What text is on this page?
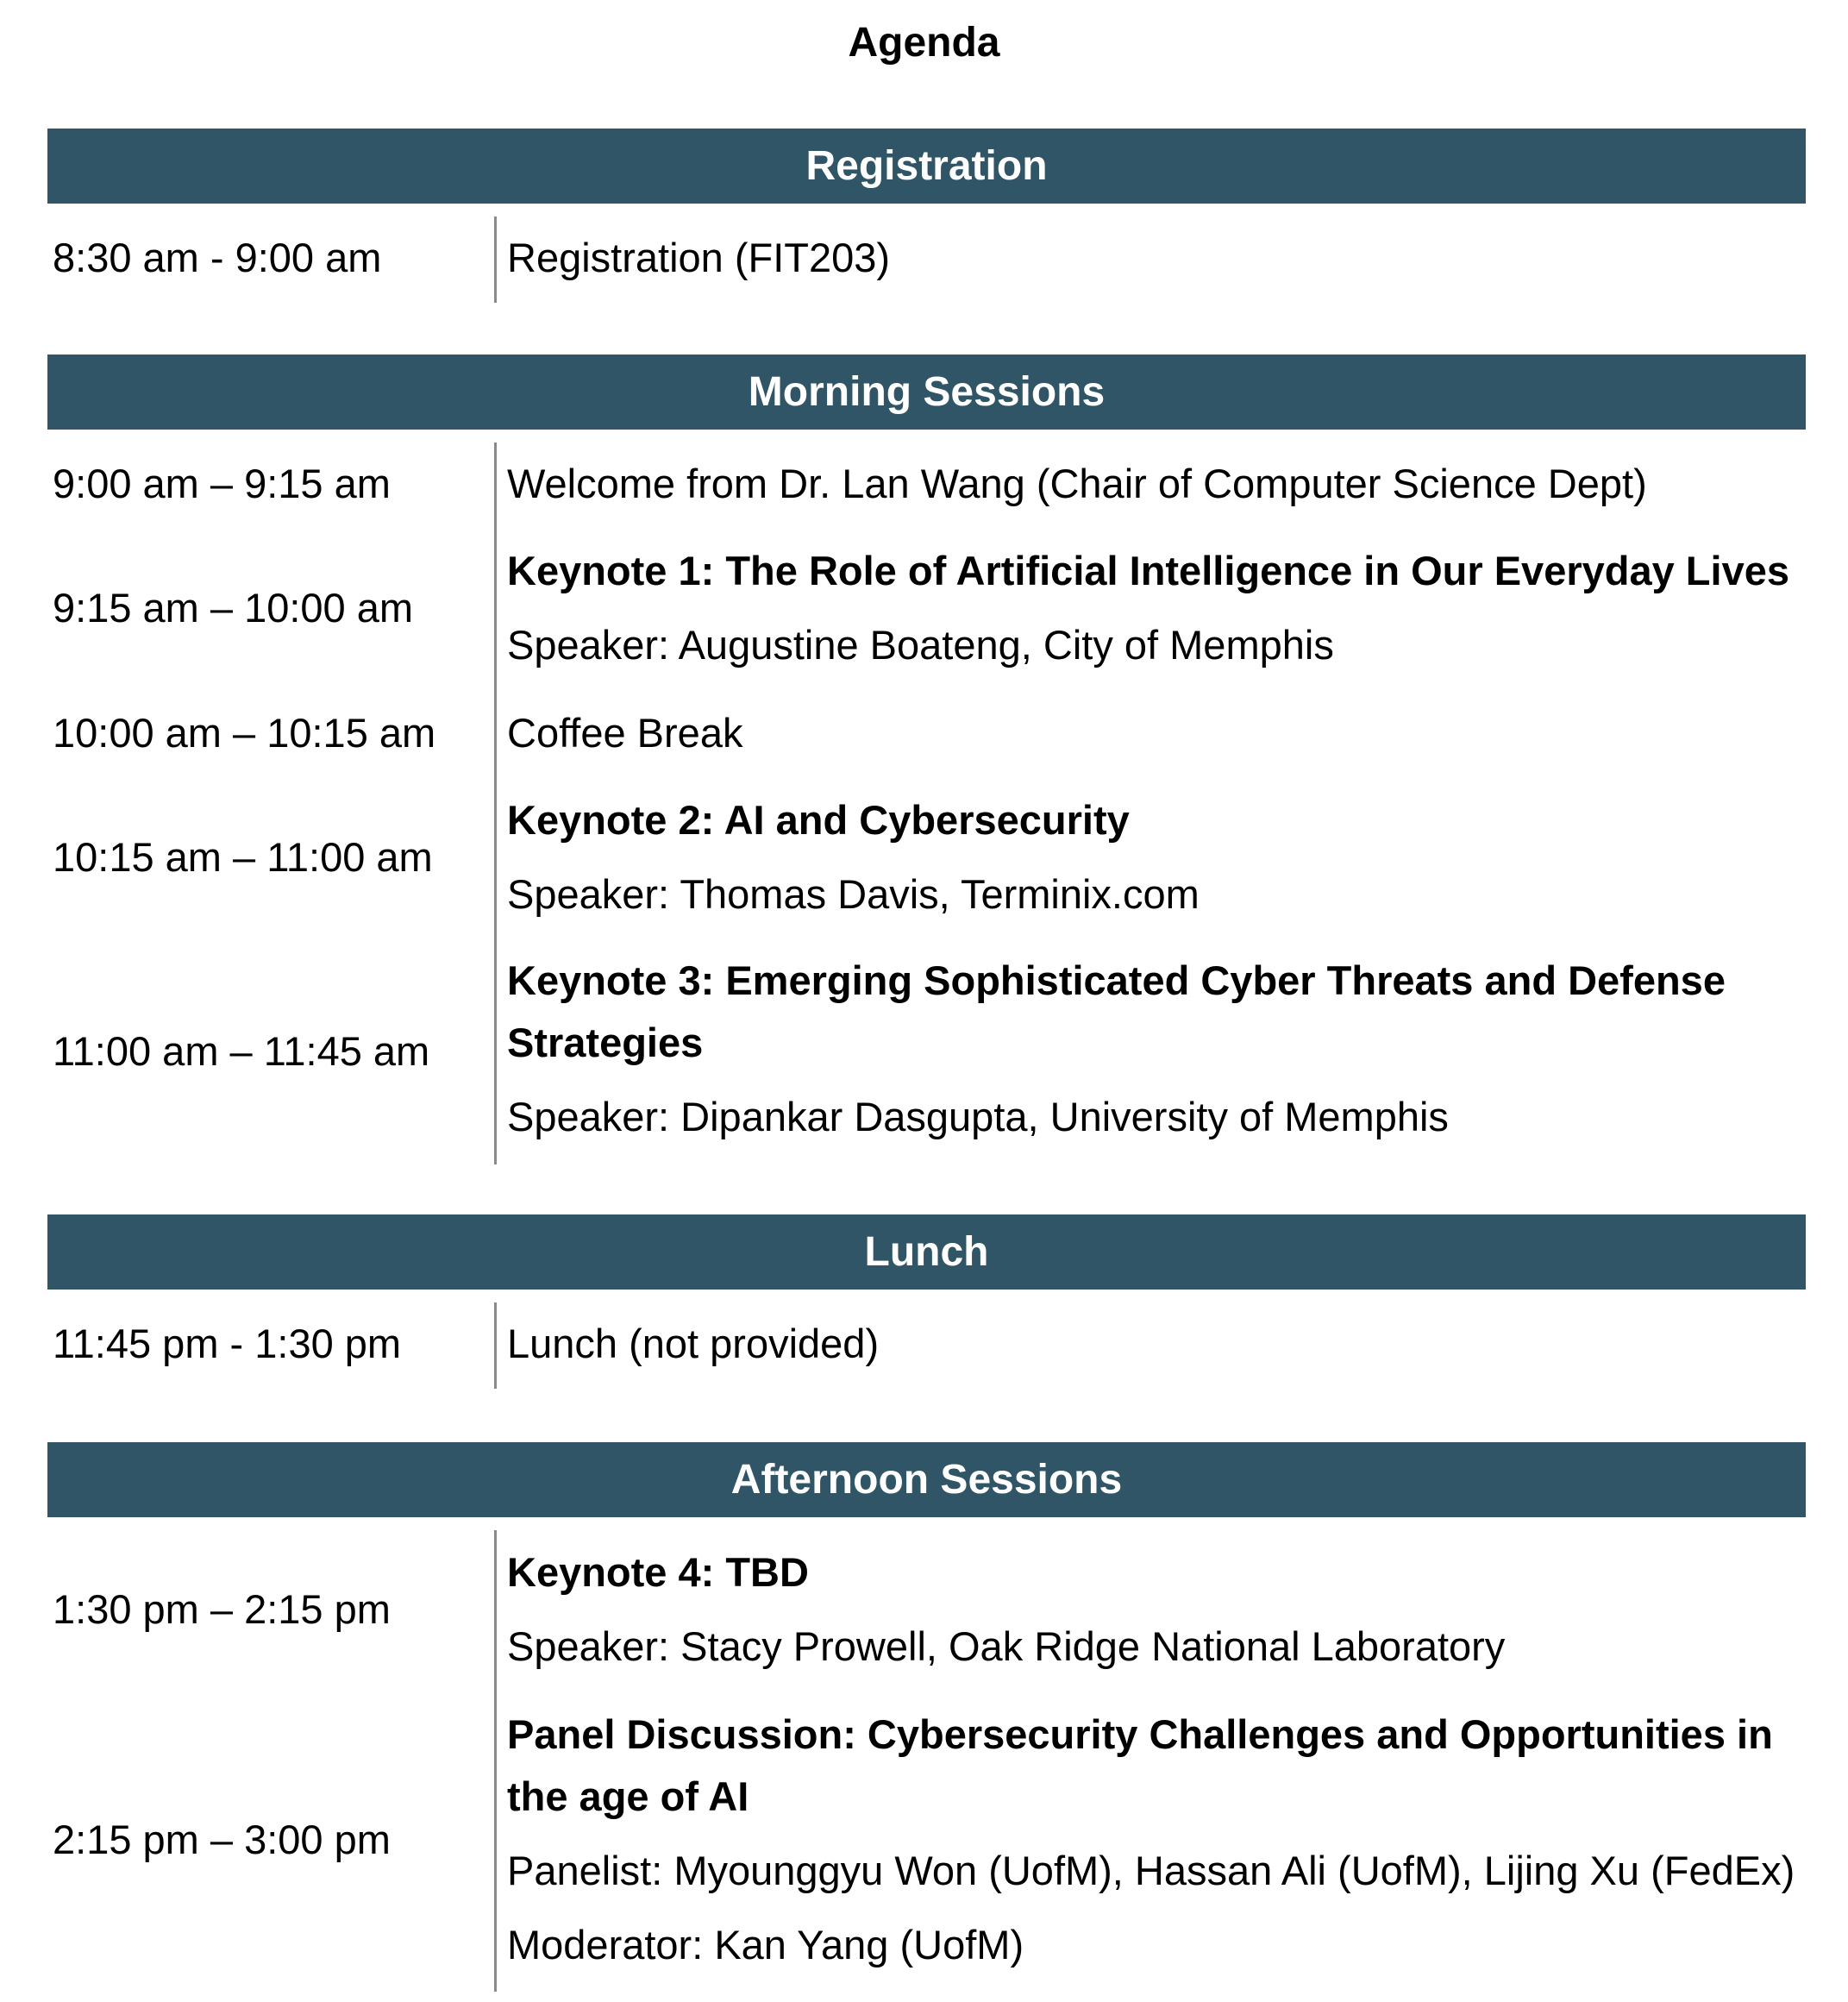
Agenda
Registration
8:30 am - 9:00 am	Registration (FIT203)
Morning Sessions
9:00 am – 9:15 am	Welcome from Dr. Lan Wang (Chair of Computer Science Dept)
9:15 am – 10:00 am
Keynote 1: The Role of Artificial Intelligence in Our Everyday Lives
Speaker: Augustine Boateng, City of Memphis
10:00 am – 10:15 am Coffee Break
10:15 am – 11:00 am
Keynote 2: AI and Cybersecurity
Speaker: Thomas Davis, Terminix.com
11:00 am – 11:45 am
Keynote 3: Emerging Sophisticated Cyber Threats and Defense
Strategies
Speaker: Dipankar Dasgupta, University of Memphis
Lunch
11:45 pm - 1:30 pm	Lunch (not provided)
Afternoon Sessions
1:30 pm – 2:15 pm
Keynote 4: TBD
Speaker: Stacy Prowell, Oak Ridge National Laboratory
2:15 pm – 3:00 pm
Panel Discussion: Cybersecurity Challenges and Opportunities in
the age of AI
Panelist: Myounggyu Won (UofM), Hassan Ali (UofM), Lijing Xu (FedEx)
Moderator: Kan Yang (UofM)
